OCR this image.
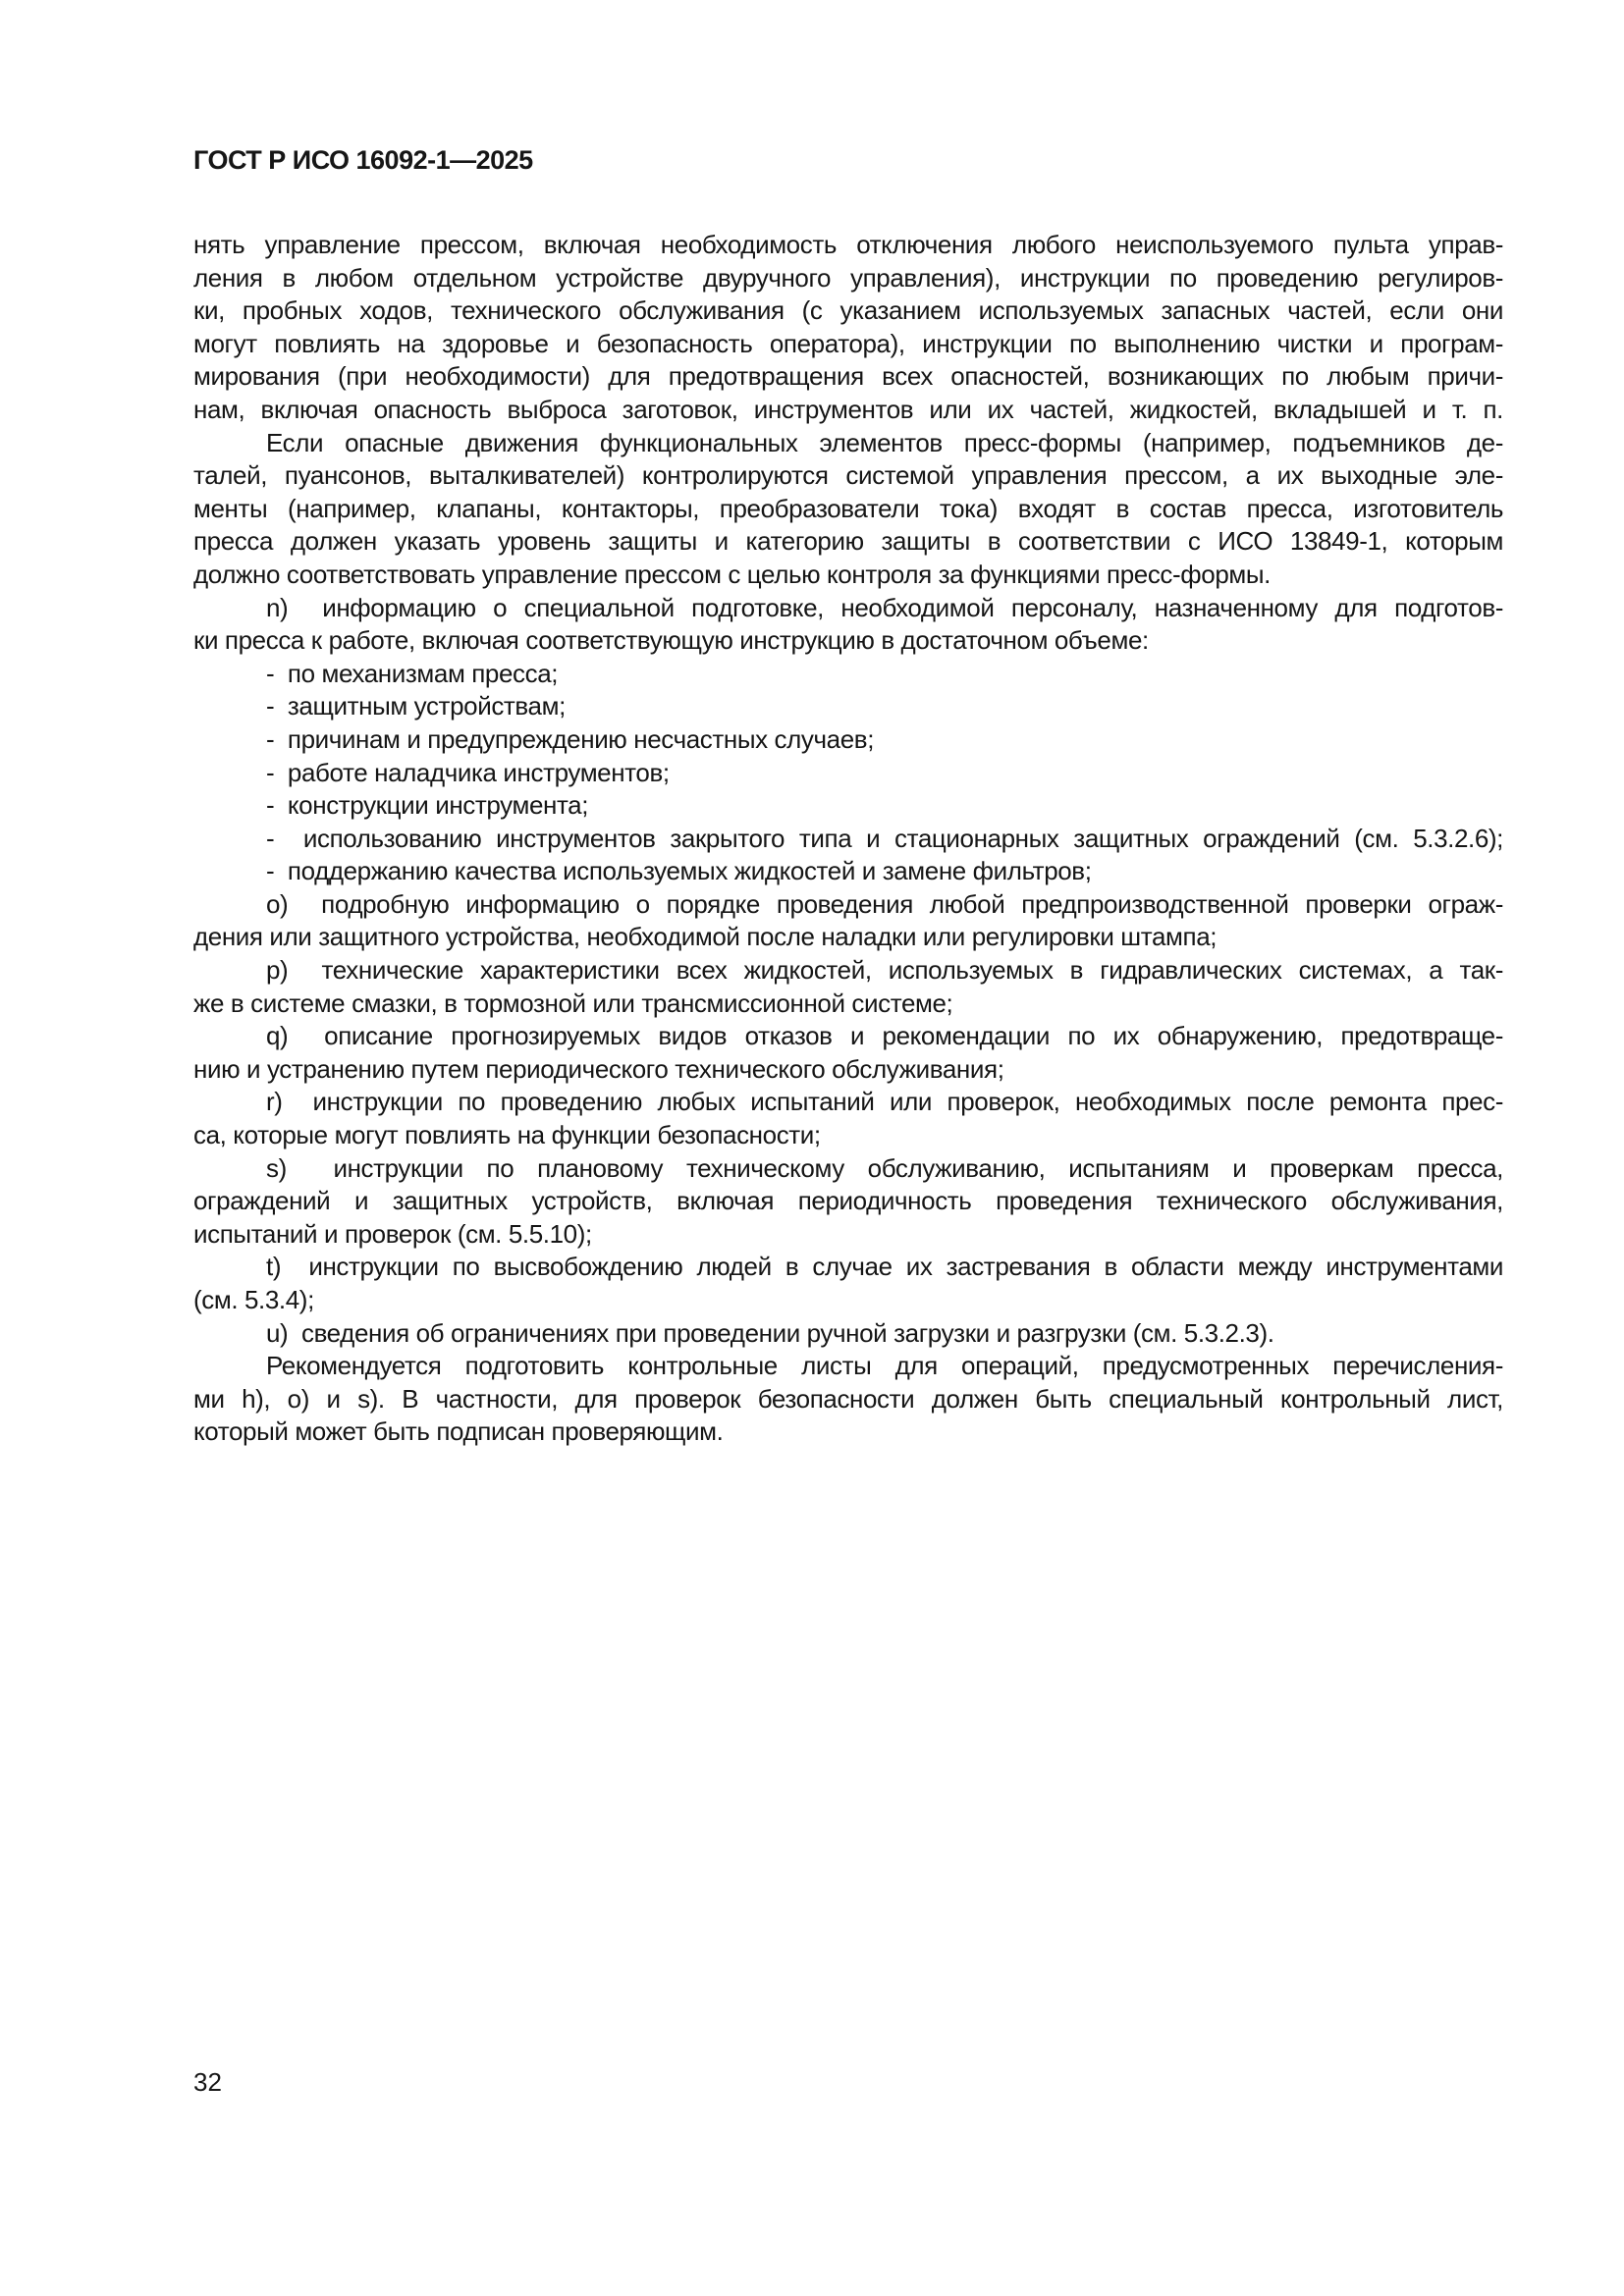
ГОСТ Р ИСО 16092-1—2025
нять управление прессом, включая необходимость отключения любого неиспользуемого пульта управ-
ления в любом отдельном устройстве двуручного управления), инструкции по проведению регулиров-
ки, пробных ходов, технического обслуживания (с указанием используемых запасных частей, если они
могут повлиять на здоровье и безопасность оператора), инструкции по выполнению чистки и програм-
мирования (при необходимости) для предотвращения всех опасностей, возникающих по любым причи-
нам, включая опасность выброса заготовок, инструментов или их частей, жидкостей, вкладышей и т. п.
Если опасные движения функциональных элементов пресс-формы (например, подъемников де-
талей, пуансонов, выталкивателей) контролируются системой управления прессом, а их выходные эле-
менты (например, клапаны, контакторы, преобразователи тока) входят в состав пресса, изготовитель
пресса должен указать уровень защиты и категорию защиты в соответствии с ИСО 13849-1, которым
должно соответствовать управление прессом с целью контроля за функциями пресс-формы.
n)  информацию о специальной подготовке, необходимой персоналу, назначенному для подготов-
ки пресса к работе, включая соответствующую инструкцию в достаточном объеме:
-  по механизмам пресса;
-  защитным устройствам;
-  причинам и предупреждению несчастных случаев;
-  работе наладчика инструментов;
-  конструкции инструмента;
-  использованию инструментов закрытого типа и стационарных защитных ограждений (см. 5.3.2.6);
-  поддержанию качества используемых жидкостей и замене фильтров;
o)  подробную информацию о порядке проведения любой предпроизводственной проверки ограж-
дения или защитного устройства, необходимой после наладки или регулировки штампа;
p)  технические характеристики всех жидкостей, используемых в гидравлических системах, а так-
же в системе смазки, в тормозной или трансмиссионной системе;
q)  описание прогнозируемых видов отказов и рекомендации по их обнаружению, предотвраще-
нию и устранению путем периодического технического обслуживания;
r)  инструкции по проведению любых испытаний или проверок, необходимых после ремонта прес-
са, которые могут повлиять на функции безопасности;
s)  инструкции по плановому техническому обслуживанию, испытаниям и проверкам пресса,
ограждений и защитных устройств, включая периодичность проведения технического обслуживания,
испытаний и проверок (см. 5.5.10);
t)  инструкции по высвобождению людей в случае их застревания в области между инструментами
(см. 5.3.4);
u)  сведения об ограничениях при проведении ручной загрузки и разгрузки (см. 5.3.2.3).
Рекомендуется подготовить контрольные листы для операций, предусмотренных перечисления-
ми h), o) и s). В частности, для проверок безопасности должен быть специальный контрольный лист,
который может быть подписан проверяющим.
32
